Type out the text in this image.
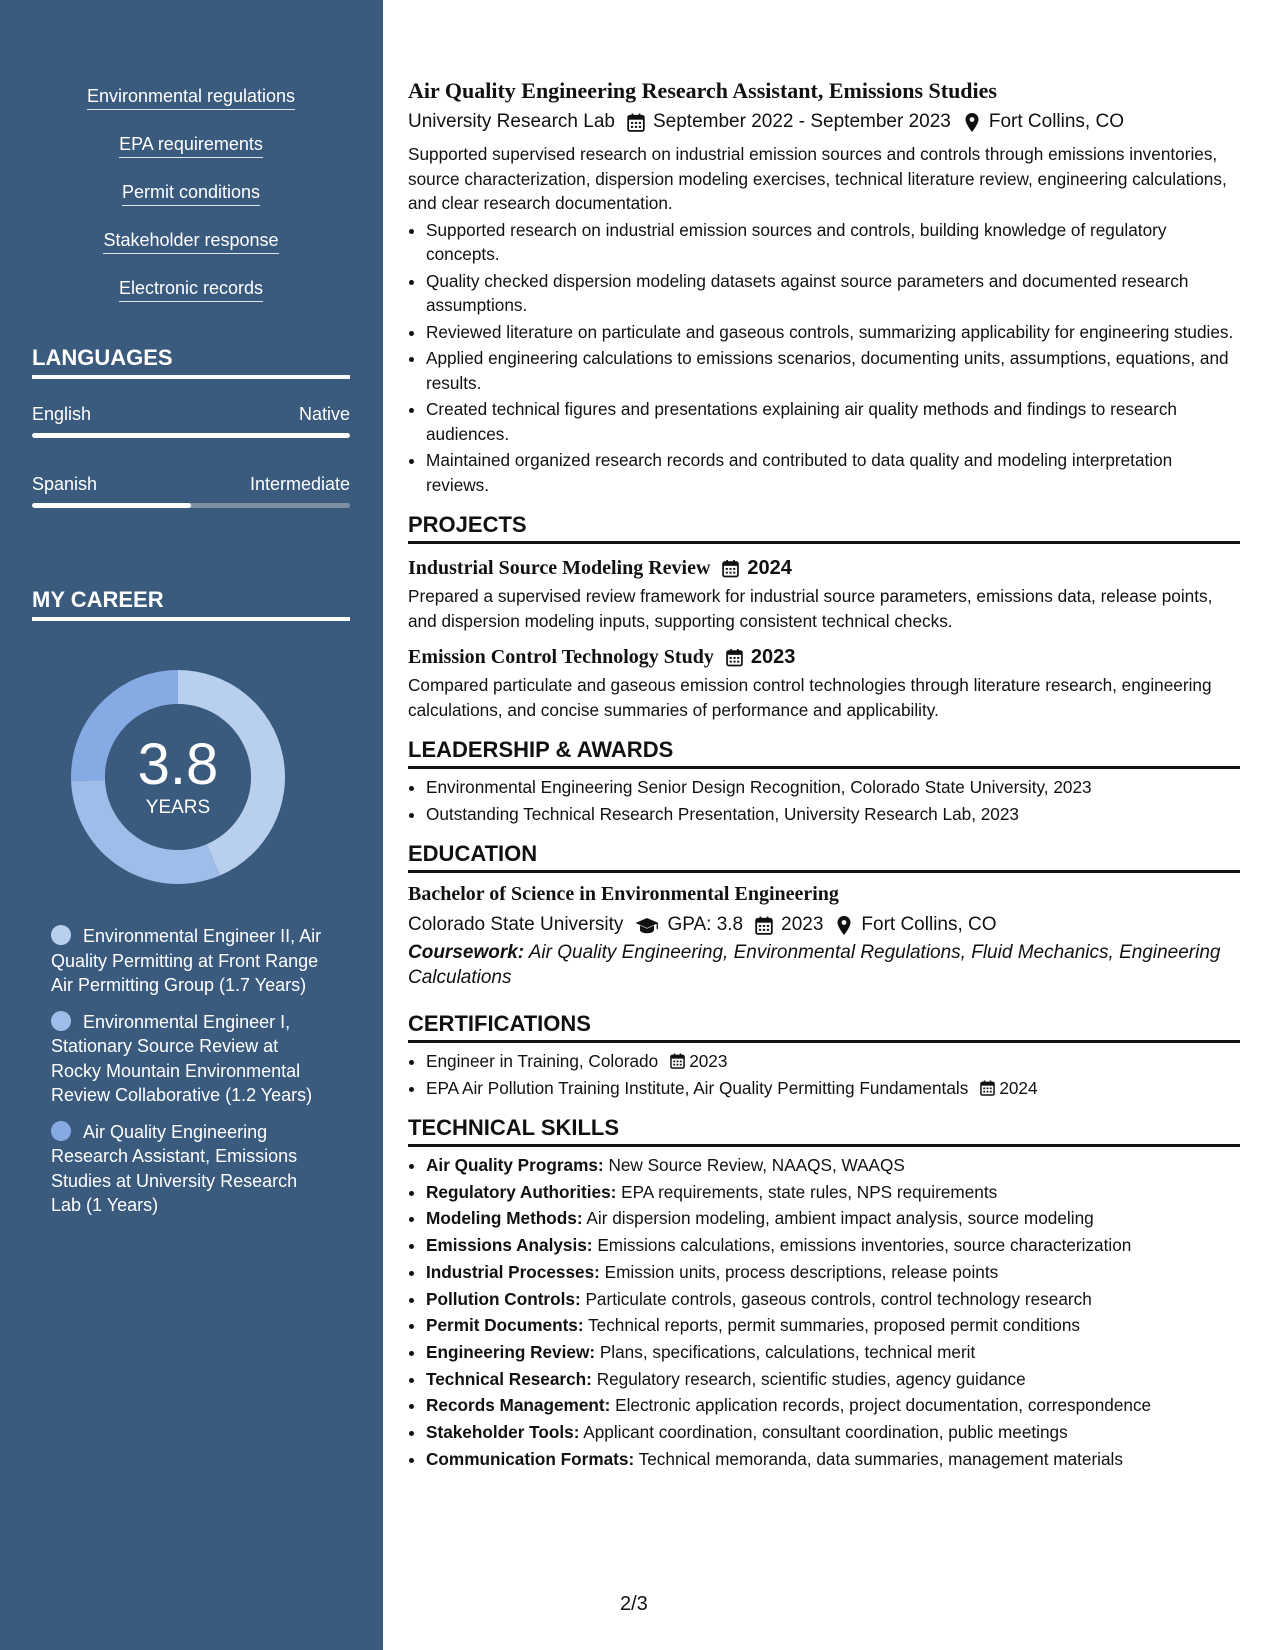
Environmental regulations
EPA requirements
Permit conditions
Stakeholder response
Electronic records
LANGUAGES
English	Native
Spanish	Intermediate
MY CAREER
3.8
YEARS
Environmental Engineer II, Air Quality Permitting at Front Range Air Permitting Group (1.7 Years)
Environmental Engineer I, Stationary Source Review at Rocky Mountain Environmental Review Collaborative (1.2 Years)
Air Quality Engineering Research Assistant, Emissions Studies at University Research Lab (1 Years)
Air Quality Engineering Research Assistant, Emissions Studies
University Research Lab September 2022 - September 2023 Fort Collins, CO
Supported supervised research on industrial emission sources and controls through emissions inventories, source characterization, dispersion modeling exercises, technical literature review, engineering calculations, and clear research documentation.
• Supported research on industrial emission sources and controls, building knowledge of regulatory concepts.
• Quality checked dispersion modeling datasets against source parameters and documented research assumptions.
• Reviewed literature on particulate and gaseous controls, summarizing applicability for engineering studies.
• Applied engineering calculations to emissions scenarios, documenting units, assumptions, equations, and results.
• Created technical figures and presentations explaining air quality methods and findings to research audiences.
• Maintained organized research records and contributed to data quality and modeling interpretation reviews.
PROJECTS
Industrial Source Modeling Review 2024
Prepared a supervised review framework for industrial source parameters, emissions data, release points, and dispersion modeling inputs, supporting consistent technical checks.
Emission Control Technology Study 2023
Compared particulate and gaseous emission control technologies through literature research, engineering calculations, and concise summaries of performance and applicability.
LEADERSHIP & AWARDS
• Environmental Engineering Senior Design Recognition, Colorado State University, 2023
• Outstanding Technical Research Presentation, University Research Lab, 2023
EDUCATION
Bachelor of Science in Environmental Engineering
Colorado State University GPA: 3.8 2023 Fort Collins, CO
Coursework: Air Quality Engineering, Environmental Regulations, Fluid Mechanics, Engineering Calculations
CERTIFICATIONS
• Engineer in Training, Colorado 2023
• EPA Air Pollution Training Institute, Air Quality Permitting Fundamentals 2024
TECHNICAL SKILLS
• Air Quality Programs: New Source Review, NAAQS, WAAQS
• Regulatory Authorities: EPA requirements, state rules, NPS requirements
• Modeling Methods: Air dispersion modeling, ambient impact analysis, source modeling
• Emissions Analysis: Emissions calculations, emissions inventories, source characterization
• Industrial Processes: Emission units, process descriptions, release points
• Pollution Controls: Particulate controls, gaseous controls, control technology research
• Permit Documents: Technical reports, permit summaries, proposed permit conditions
• Engineering Review: Plans, specifications, calculations, technical merit
• Technical Research: Regulatory research, scientific studies, agency guidance
• Records Management: Electronic application records, project documentation, correspondence
• Stakeholder Tools: Applicant coordination, consultant coordination, public meetings
• Communication Formats: Technical memoranda, data summaries, management materials
2/3
